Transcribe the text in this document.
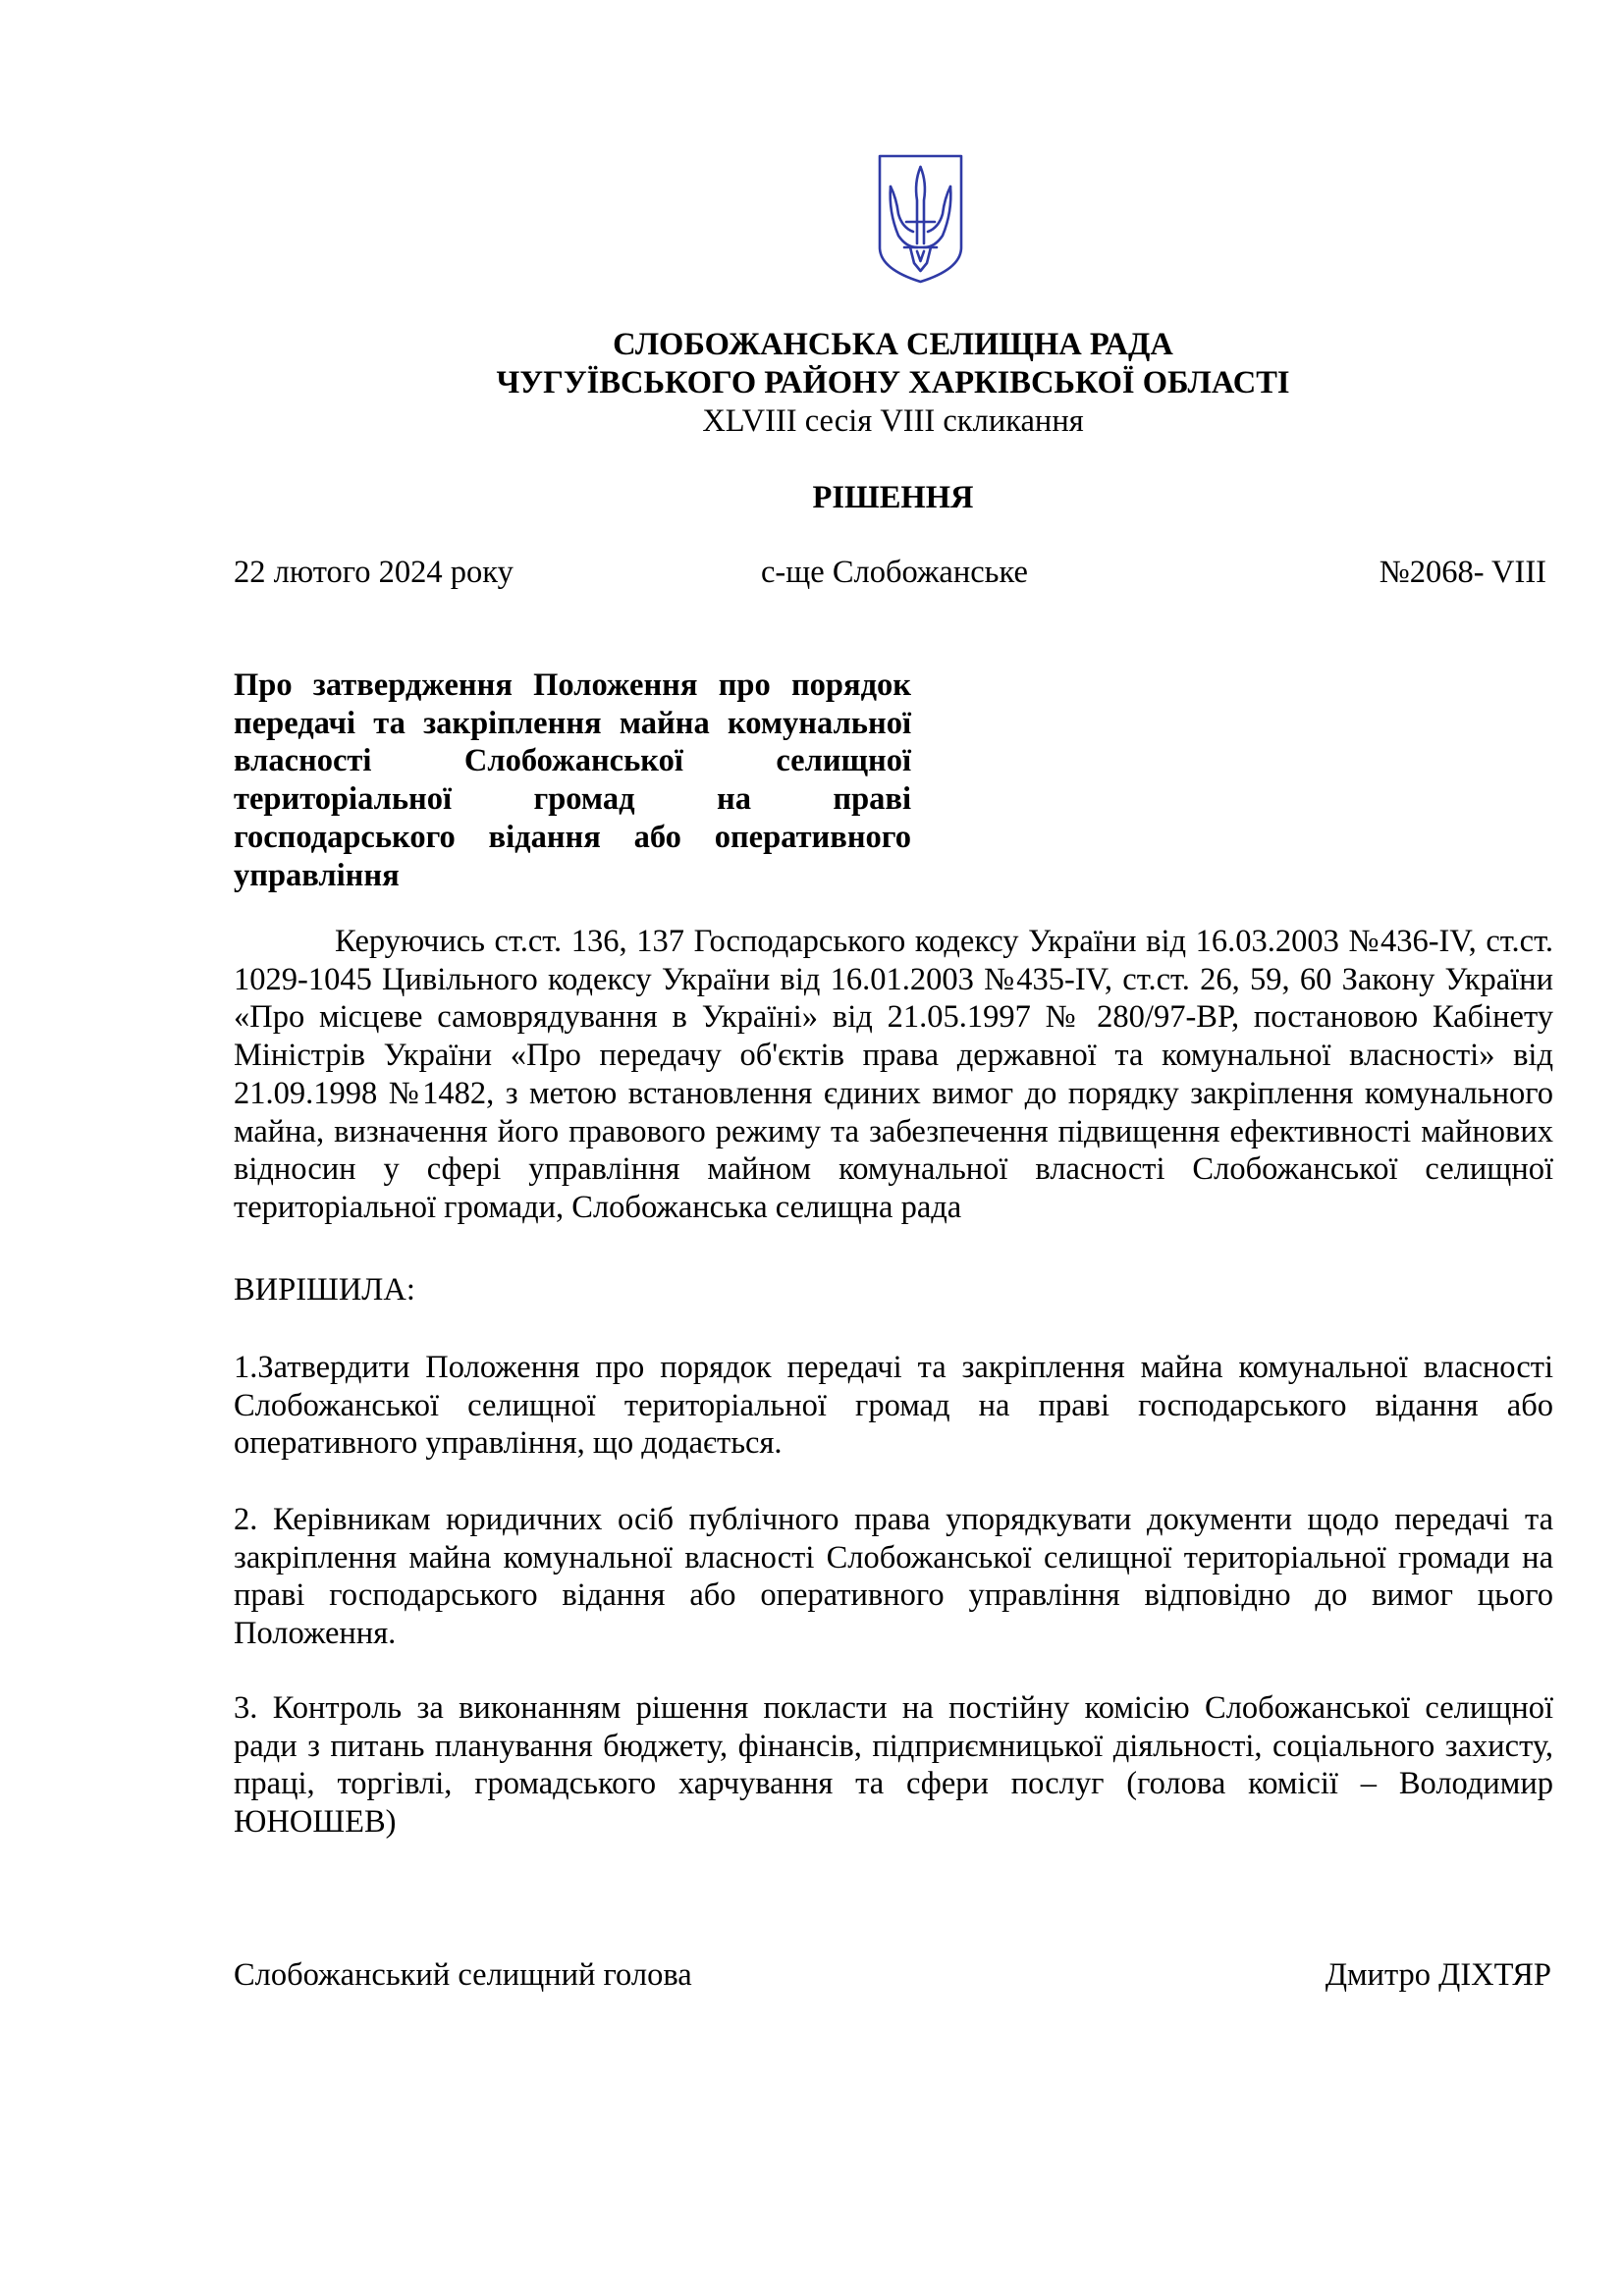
СЛОБОЖАНСЬКА СЕЛИЩНА РАДА
ЧУГУЇВСЬКОГО РАЙОНУ ХАРКІВСЬКОЇ ОБЛАСТІ
XLVIII сесія VIII скликання
РІШЕННЯ
22 лютого 2024 року	с-ще Слобожанське	№2068- VIII
Про затвердження Положення про порядок передачі та закріплення майна комунальної власності Слобожанської селищної територіальної громад на праві господарського відання або оперативного управління
Керуючись ст.ст. 136, 137 Господарського кодексу України від 16.03.2003 №436-IV, ст.ст. 1029-1045 Цивільного кодексу України від 16.01.2003 №435-IV, ст.ст. 26, 59, 60 Закону України «Про місцеве самоврядування в Україні» від 21.05.1997 № 280/97-ВР, постановою Кабінету Міністрів України «Про передачу об'єктів права державної та комунальної власності» від 21.09.1998 №1482, з метою встановлення єдиних вимог до порядку закріплення комунального майна, визначення його правового режиму та забезпечення підвищення ефективності майнових відносин у сфері управління майном комунальної власності Слобожанської селищної територіальної громади, Слобожанська селищна рада
ВИРІШИЛА:
1.Затвердити Положення про порядок передачі та закріплення майна комунальної власності Слобожанської селищної територіальної громад на праві господарського відання або оперативного управління, що додається.
2. Керівникам юридичних осіб публічного права упорядкувати документи щодо передачі та закріплення майна комунальної власності Слобожанської селищної територіальної громади на праві господарського відання або оперативного управління відповідно до вимог цього Положення.
3. Контроль за виконанням рішення покласти на постійну комісію Слобожанської селищної ради з питань планування бюджету, фінансів, підприємницької діяльності, соціального захисту, праці, торгівлі, громадського харчування та сфери послуг (голова комісії – Володимир ЮНОШЕВ)
Слобожанський селищний голова	Дмитро ДІХТЯР
